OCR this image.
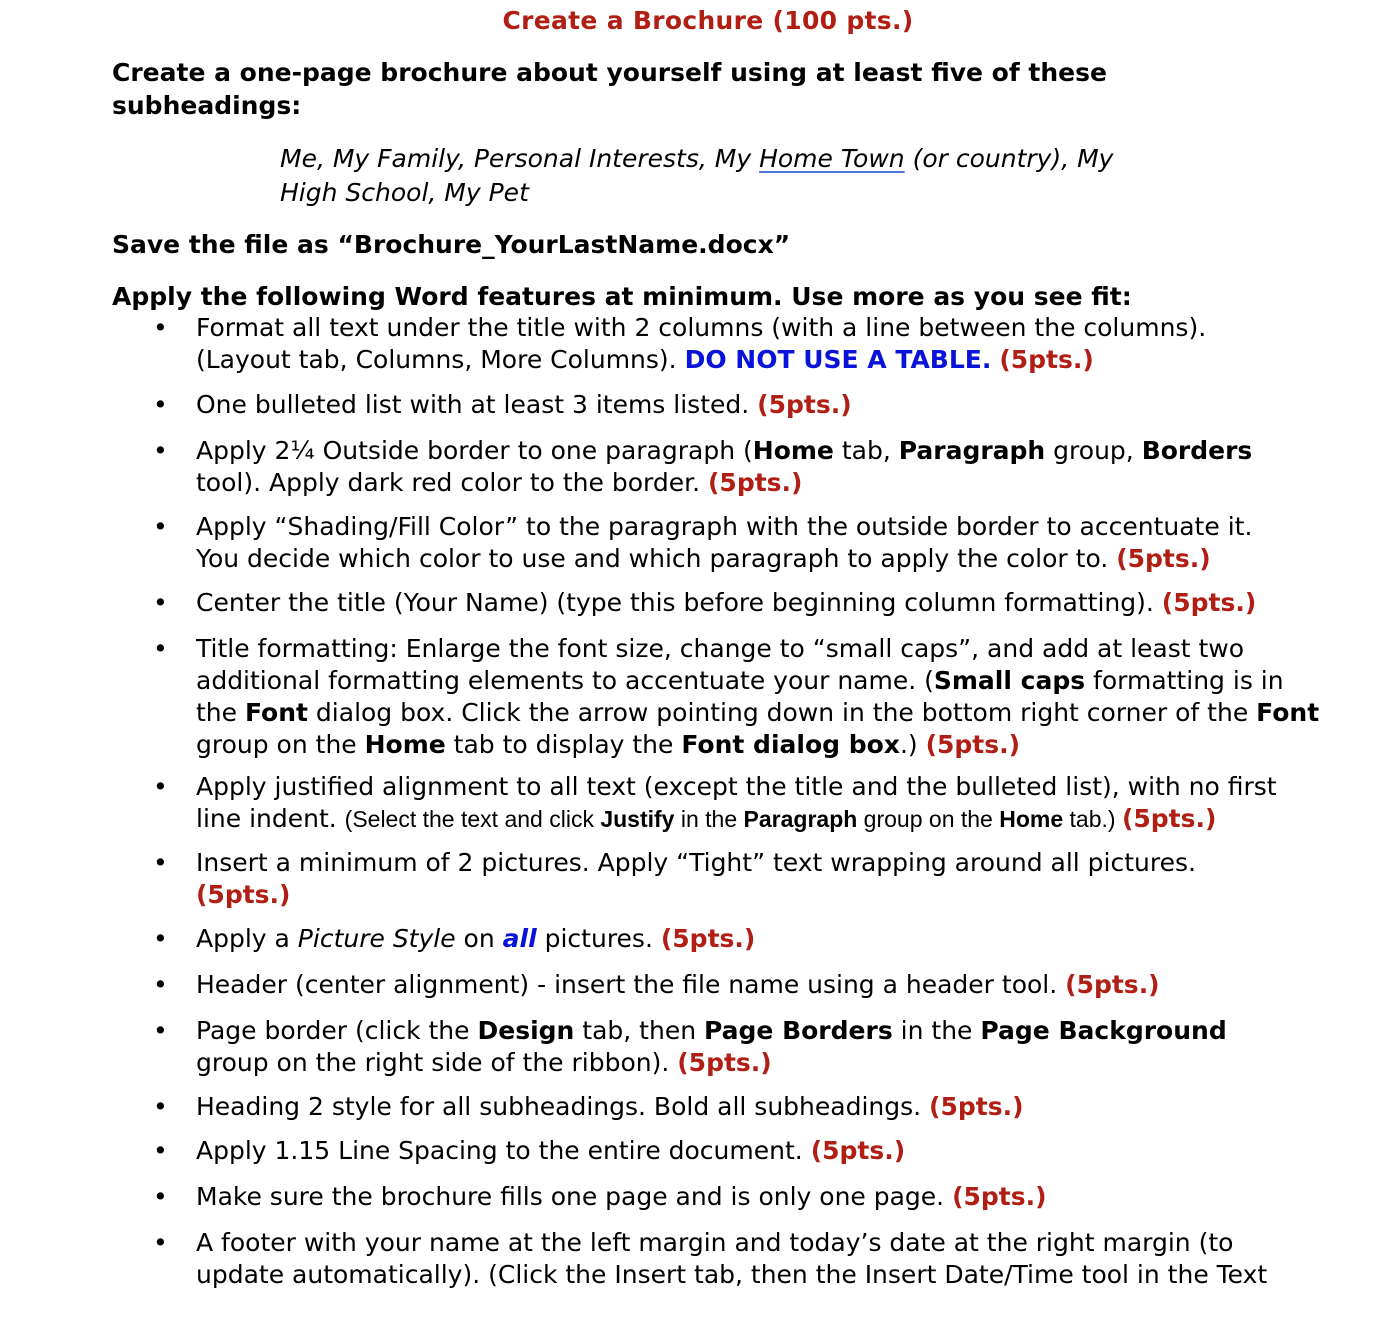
Create a Brochure (100 pts.)
Create a one-page brochure about yourself using at least five of these subheadings:
Me, My Family, Personal Interests, My Home Town (or country), My
High School, My Pet
Save the file as “Brochure_YourLastName.docx”
Apply the following Word features at minimum. Use more as you see fit:
• Format all text under the title with 2 columns (with a line between the columns).
(Layout tab, Columns, More Columns). DO NOT USE A TABLE. (5pts.)
• One bulleted list with at least 3 items listed. (5pts.)
• Apply 2¼ Outside border to one paragraph (Home tab, Paragraph group, Borders
tool). Apply dark red color to the border. (5pts.)
• Apply “Shading/Fill Color” to the paragraph with the outside border to accentuate it.
You decide which color to use and which paragraph to apply the color to. (5pts.)
• Center the title (Your Name) (type this before beginning column formatting). (5pts.)
• Title formatting: Enlarge the font size, change to “small caps”, and add at least two additional formatting elements to accentuate your name. (Small caps formatting is in the Font dialog box. Click the arrow pointing down in the bottom right corner of the Font group on the Home tab to display the Font dialog box.) (5pts.)
• Apply justified alignment to all text (except the title and the bulleted list), with no first line indent. (Select the text and click Justify in the Paragraph group on the Home tab.) (5pts.)
• Insert a minimum of 2 pictures. Apply “Tight” text wrapping around all pictures.
(5pts.)
• Apply a Picture Style on all pictures. (5pts.)
• Header (center alignment) - insert the file name using a header tool. (5pts.)
• Page border (click the Design tab, then Page Borders in the Page Background
group on the right side of the ribbon). (5pts.)
• Heading 2 style for all subheadings. Bold all subheadings. (5pts.)
• Apply 1.15 Line Spacing to the entire document. (5pts.)
• Make sure the brochure fills one page and is only one page. (5pts.)
• A footer with your name at the left margin and today’s date at the right margin (to
update automatically). (Click the Insert tab, then the Insert Date/Time tool in the Text
